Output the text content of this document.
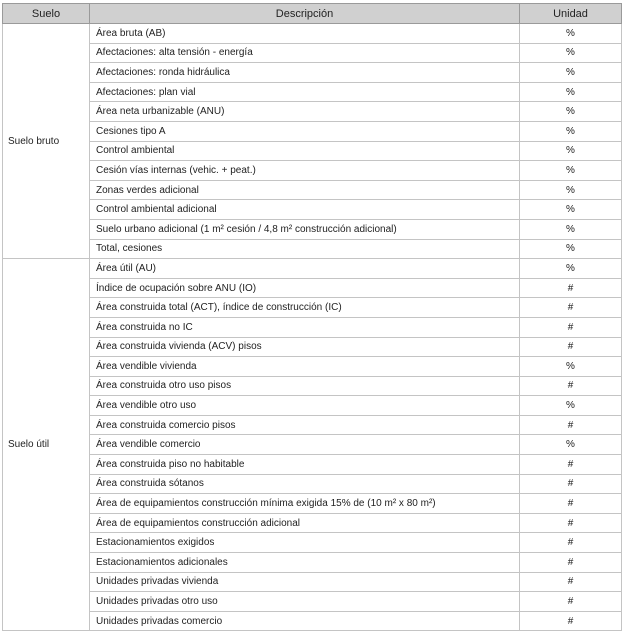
Suelo	Descripción	Unidad
Suelo bruto	Área bruta (AB)	%
	Afectaciones: alta tensión - energía	%
	Afectaciones: ronda hidráulica	%
	Afectaciones: plan vial	%
	Área neta urbanizable (ANU)	%
	Cesiones tipo A	%
	Control ambiental	%
	Cesión vías internas (vehic. + peat.)	%
	Zonas verdes adicional	%
	Control ambiental adicional	%
	Suelo urbano adicional (1 m² cesión / 4,8 m² construcción adicional)	%
	Total, cesiones	%
Suelo útil	Área útil (AU)	%
	Índice de ocupación sobre ANU (IO)	#
	Área construida total (ACT), índice de construcción (IC)	#
	Área construida no IC	#
	Área construida vivienda (ACV) pisos	#
	Área vendible vivienda	%
	Área construida otro uso pisos	#
	Área vendible otro uso	%
	Área construida comercio pisos	#
	Área vendible comercio	%
	Área construida piso no habitable	#
	Área construida sótanos	#
	Área de equipamientos construcción mínima exigida 15% de (10 m² x 80 m²)	#
	Área de equipamientos construcción adicional	#
	Estacionamientos exigidos	#
	Estacionamientos adicionales	#
	Unidades privadas vivienda	#
	Unidades privadas otro uso	#
	Unidades privadas comercio	#
